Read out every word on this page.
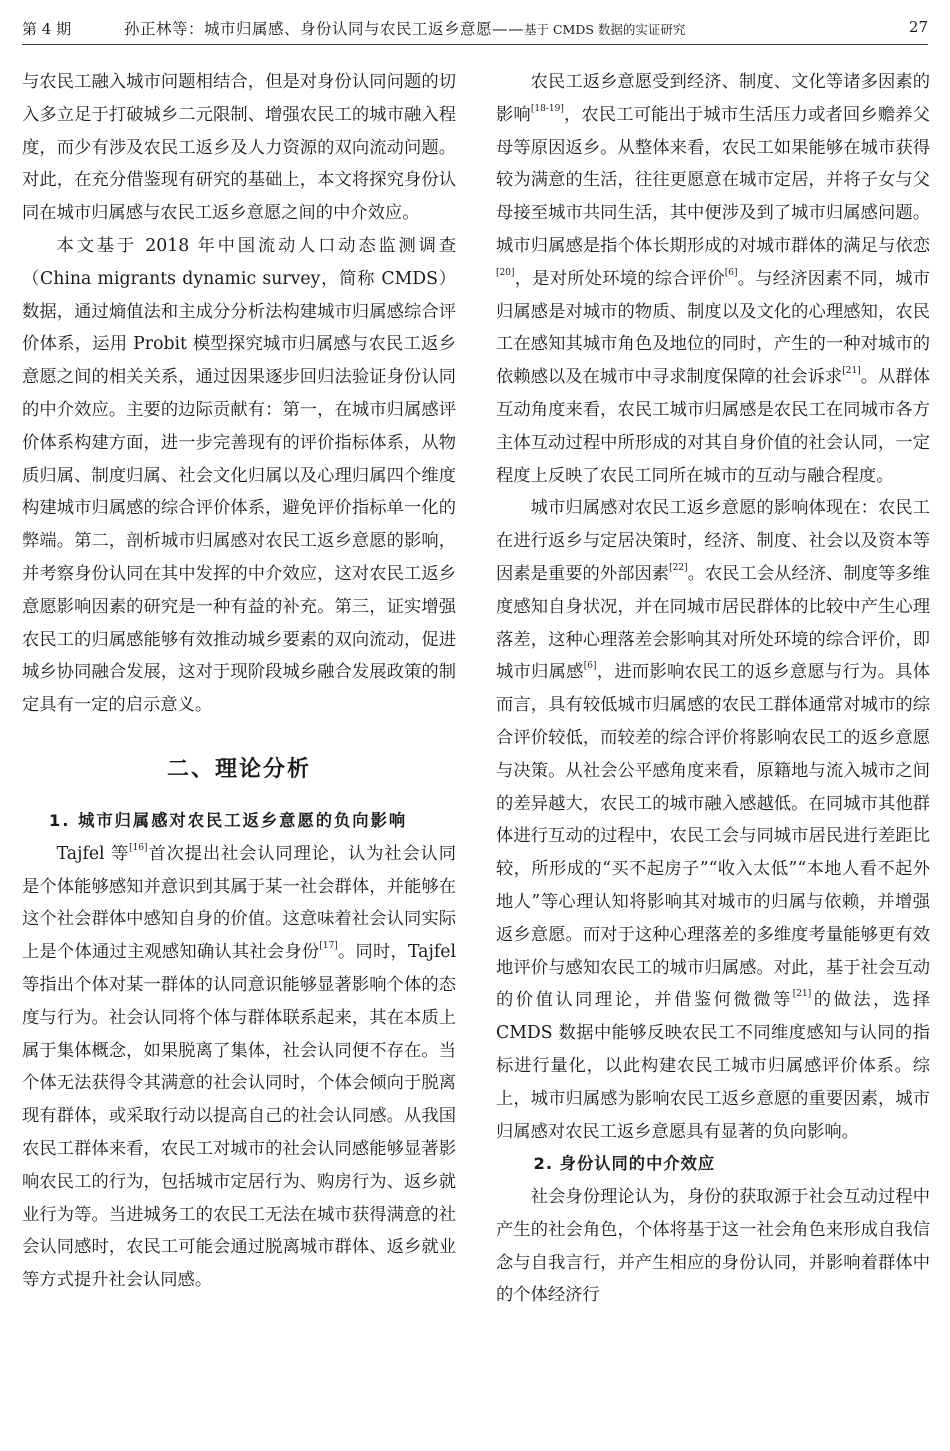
第 4 期	孙正林等：城市归属感、身份认同与农民工返乡意愿——基于 CMDS 数据的实证研究	27

与农民工融入城市问题相结合，但是对身份认同问题的切入多立足于打破城乡二元限制、增强农民工的城市融入程度，而少有涉及农民工返乡及人力资源的双向流动问题。对此，在充分借鉴现有研究的基础上，本文将探究身份认同在城市归属感与农民工返乡意愿之间的中介效应。

本文基于 2018 年中国流动人口动态监测调查（China migrants dynamic survey，简称 CMDS）数据，通过熵值法和主成分分析法构建城市归属感综合评价体系，运用 Probit 模型探究城市归属感与农民工返乡意愿之间的相关关系，通过因果逐步回归法验证身份认同的中介效应。主要的边际贡献有：第一，在城市归属感评价体系构建方面，进一步完善现有的评价指标体系，从物质归属、制度归属、社会文化归属以及心理归属四个维度构建城市归属感的综合评价体系，避免评价指标单一化的弊端。第二，剖析城市归属感对农民工返乡意愿的影响，并考察身份认同在其中发挥的中介效应，这对农民工返乡意愿影响因素的研究是一种有益的补充。第三，证实增强农民工的归属感能够有效推动城乡要素的双向流动，促进城乡协同融合发展，这对于现阶段城乡融合发展政策的制定具有一定的启示意义。

二、理论分析
1. 城市归属感对农民工返乡意愿的负向影响

Tajfel 等[16]首次提出社会认同理论，认为社会认同是个体能够感知并意识到其属于某一社会群体，并能够在这个社会群体中感知自身的价值。这意味着社会认同实际上是个体通过主观感知确认其社会身份[17]。同时，Tajfel 等指出个体对某一群体的认同意识能够显著影响个体的态度与行为。社会认同将个体与群体联系起来，其在本质上属于集体概念，如果脱离了集体，社会认同便不存在。当个体无法获得令其满意的社会认同时，个体会倾向于脱离现有群体，或采取行动以提高自己的社会认同感。从我国农民工群体来看，农民工对城市的社会认同感能够显著影响农民工的行为，包括城市定居行为、购房行为、返乡就业行为等。当进城务工的农民工无法在城市获得满意的社会认同感时，农民工可能会通过脱离城市群体、返乡就业等方式提升社会认同感。

农民工返乡意愿受到经济、制度、文化等诸多因素的影响[18-19]，农民工可能出于城市生活压力或者回乡赡养父母等原因返乡。从整体来看，农民工如果能够在城市获得较为满意的生活，往往更愿意在城市定居，并将子女与父母接至城市共同生活，其中便涉及到了城市归属感问题。城市归属感是指个体长期形成的对城市群体的满足与依恋[20]，是对所处环境的综合评价[6]。与经济因素不同，城市归属感是对城市的物质、制度以及文化的心理感知，农民工在感知其城市角色及地位的同时，产生的一种对城市的依赖感以及在城市中寻求制度保障的社会诉求[21]。从群体互动角度来看，农民工城市归属感是农民工在同城市各方主体互动过程中所形成的对其自身价值的社会认同，一定程度上反映了农民工同所在城市的互动与融合程度。

城市归属感对农民工返乡意愿的影响体现在：农民工在进行返乡与定居决策时，经济、制度、社会以及资本等因素是重要的外部因素[22]。农民工会从经济、制度等多维度感知自身状况，并在同城市居民群体的比较中产生心理落差，这种心理落差会影响其对所处环境的综合评价，即城市归属感[6]，进而影响农民工的返乡意愿与行为。具体而言，具有较低城市归属感的农民工群体通常对城市的综合评价较低，而较差的综合评价将影响农民工的返乡意愿与决策。从社会公平感角度来看，原籍地与流入城市之间的差异越大，农民工的城市融入感越低。在同城市其他群体进行互动的过程中，农民工会与同城市居民进行差距比较，所形成的“买不起房子”“收入太低”“本地人看不起外地人”等心理认知将影响其对城市的归属与依赖，并增强返乡意愿。而对于这种心理落差的多维度考量能够更有效地评价与感知农民工的城市归属感。对此，基于社会互动的价值认同理论，并借鉴何微微等[21]的做法，选择 CMDS 数据中能够反映农民工不同维度感知与认同的指标进行量化，以此构建农民工城市归属感评价体系。综上，城市归属感为影响农民工返乡意愿的重要因素，城市归属感对农民工返乡意愿具有显著的负向影响。

2. 身份认同的中介效应

社会身份理论认为，身份的获取源于社会互动过程中产生的社会角色，个体将基于这一社会角色来形成自我信念与自我言行，并产生相应的身份认同，并影响着群体中的个体经济行
